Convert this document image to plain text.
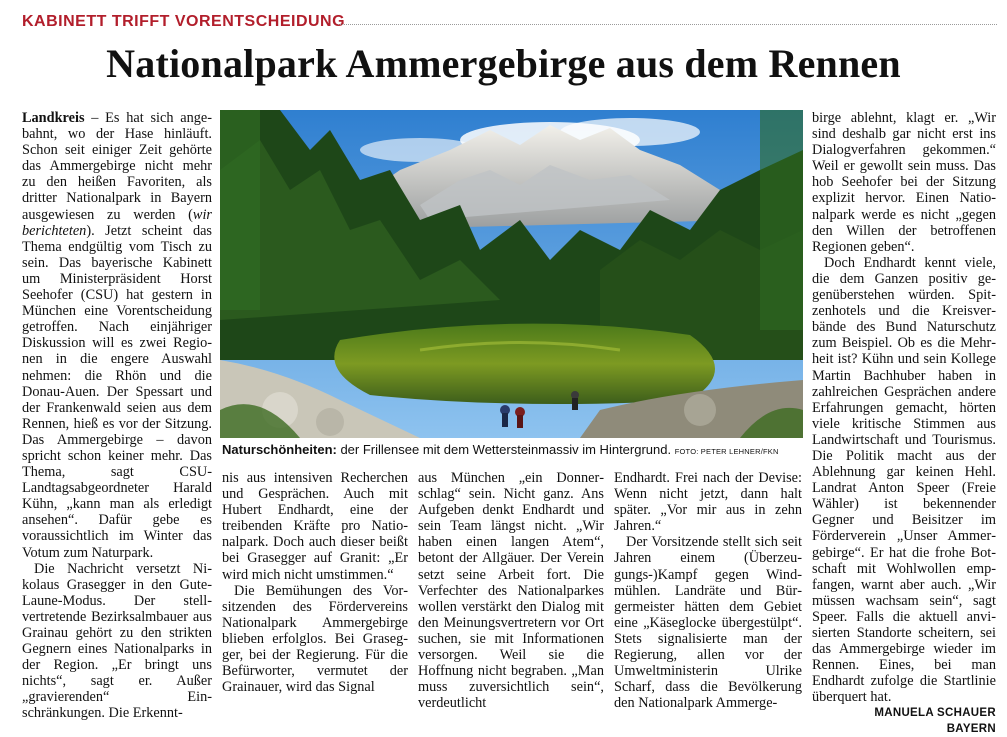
KABINETT TRIFFT VORENTSCHEIDUNG
Nationalpark Ammergebirge aus dem Rennen

Landkreis – Es hat sich angebahnt, wo der Hase hinläuft. Schon seit einiger Zeit gehörte das Ammergebirge nicht mehr zu den heißen Favoriten, als dritter Nationalpark in Bayern ausgewiesen zu werden (wir berichteten). Jetzt scheint das Thema endgültig vom Tisch zu sein. Das bayerische Kabinett um Ministerpräsident Horst Seehofer (CSU) hat gestern in München eine Vorentscheidung getroffen. Nach einjähriger Diskussion will es zwei Regionen in die engere Auswahl nehmen: die Rhön und die Donau-Auen. Der Spessart und der Frankenwald seien aus dem Rennen, hieß es vor der Sitzung. Das Ammergebirge – davon spricht schon keiner mehr. Das Thema, sagt CSU-Landtagsabgeordneter Harald Kühn, „kann man als erledigt ansehen“. Dafür gebe es voraussichtlich im Winter das Votum zum Naturpark.

Die Nachricht versetzt Nikolaus Grasegger in den Gute-Laune-Modus. Der stellvertretende Bezirksalmbauer aus Grainau gehört zu den strikten Gegnern eines Nationalparks in der Region. „Er bringt uns nichts“, sagt er. Außer „gravierenden“ Einschränkungen. Die Erkennt-

Naturschönheiten: der Frillensee mit dem Wettersteinmassiv im Hintergrund. FOTO: PETER LEHNER/FKN

nis aus intensiven Recherchen und Gesprächen. Auch mit Hubert Endhardt, eine der treibenden Kräfte pro Nationalpark. Doch auch dieser beißt bei Grasegger auf Granit: „Er wird mich nicht umstimmen.“

Die Bemühungen des Vorsitzenden des Fördervereins Nationalpark Ammergebirge blieben erfolglos. Bei Grasegger, bei der Regierung. Für die Befürworter, vermutet der Grainauer, wird das Signal

aus München „ein Donnerschlag“ sein. Nicht ganz. Ans Aufgeben denkt Endhardt und sein Team längst nicht. „Wir haben einen langen Atem“, betont der Allgäuer. Der Verein setzt seine Arbeit fort. Die Verfechter des Nationalparkes wollen verstärkt den Dialog mit den Meinungsvertretern vor Ort suchen, sie mit Informationen versorgen. Weil sie die Hoffnung nicht begraben. „Man muss zuversichtlich sein“, verdeutlicht

Endhardt. Frei nach der Devise: Wenn nicht jetzt, dann halt später. „Vor mir aus in zehn Jahren.“

Der Vorsitzende stellt sich seit Jahren einem (Überzeugungs-)Kampf gegen Windmühlen. Landräte und Bürgermeister hätten dem Gebiet eine „Käseglocke übergestülpt“. Stets signalisierte man der Regierung, allen vor der Umweltministerin Ulrike Scharf, dass die Bevölkerung den Nationalpark Ammerge-

birge ablehnt, klagt er. „Wir sind deshalb gar nicht erst ins Dialogverfahren gekommen.“ Weil er gewollt sein muss. Das hob Seehofer bei der Sitzung explizit hervor. Einen Nationalpark werde es nicht „gegen den Willen der betroffenen Regionen geben“.

Doch Endhardt kennt viele, die dem Ganzen positiv gegenüberstehen würden. Spitzenhotels und die Kreisverbände des Bund Naturschutz zum Beispiel. Ob es die Mehrheit ist? Kühn und sein Kollege Martin Bachhuber haben in zahlreichen Gesprächen andere Erfahrungen gemacht, hörten viele kritische Stimmen aus Landwirtschaft und Tourismus. Die Politik macht aus der Ablehnung gar keinen Hehl. Landrat Anton Speer (Freie Wähler) ist bekennender Gegner und Beisitzer im Förderverein „Unser Ammergebirge“. Er hat die frohe Botschaft mit Wohlwollen empfangen, warnt aber auch. „Wir müssen wachsam sein“, sagt Speer. Falls die aktuell anvisierten Standorte scheitern, sei das Ammergebirge wieder im Rennen. Eines, bei man Endhardt zufolge die Startlinie überquert hat.

MANUELA SCHAUER
BAYERN
